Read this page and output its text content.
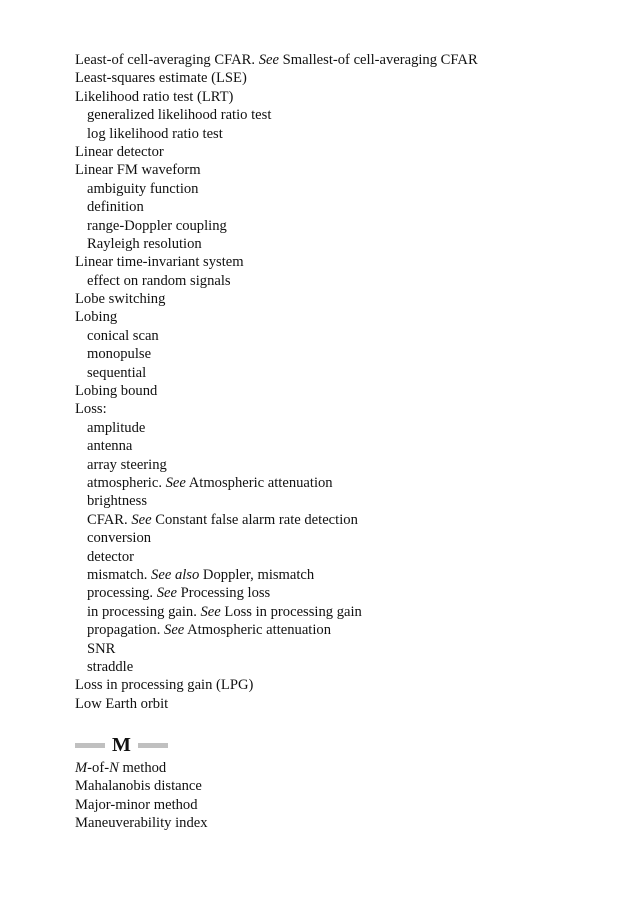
Least-of cell-averaging CFAR. See Smallest-of cell-averaging CFAR
Least-squares estimate (LSE)
Likelihood ratio test (LRT)
generalized likelihood ratio test
log likelihood ratio test
Linear detector
Linear FM waveform
ambiguity function
definition
range-Doppler coupling
Rayleigh resolution
Linear time-invariant system
effect on random signals
Lobe switching
Lobing
conical scan
monopulse
sequential
Lobing bound
Loss:
amplitude
antenna
array steering
atmospheric. See Atmospheric attenuation
brightness
CFAR. See Constant false alarm rate detection
conversion
detector
mismatch. See also Doppler, mismatch
processing. See Processing loss
in processing gain. See Loss in processing gain
propagation. See Atmospheric attenuation
SNR
straddle
Loss in processing gain (LPG)
Low Earth orbit
M
M-of-N method
Mahalanobis distance
Major-minor method
Maneuverability index
